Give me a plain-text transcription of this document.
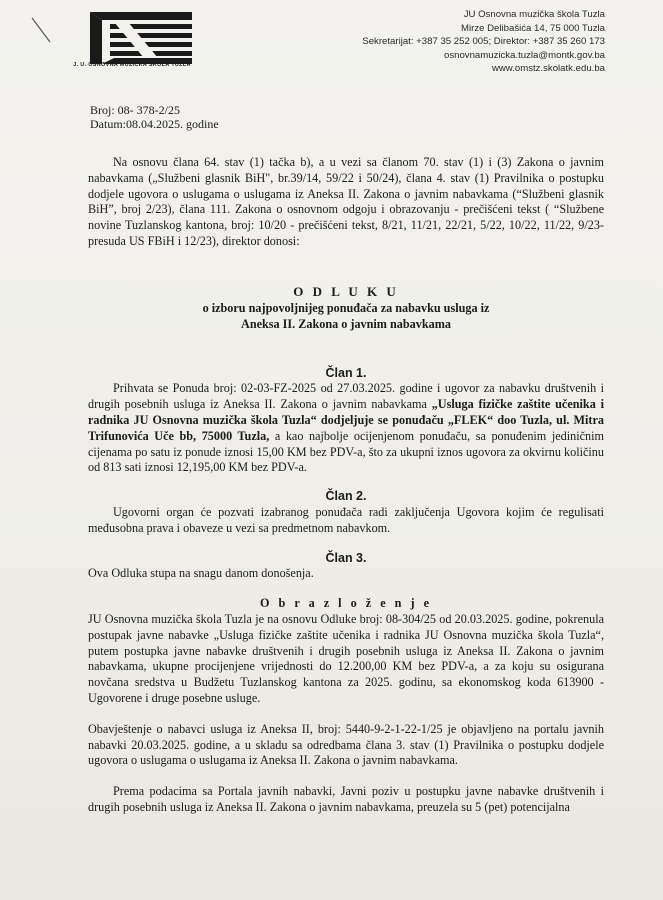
J. U. OSNOVNA MUZIČKA ŠKOLA TUZLA
JU Osnovna muzička škola Tuzla
Mirze Delibašića 14, 75 000 Tuzla
Sekretarijat: +387 35 252 005; Direktor: +387 35 260 173
osnovnamuzicka.tuzla@montk.gov.ba
www.omstz.skolatk.edu.ba
Broj: 08- 378-2/25
Datum:08.04.2025. godine

Na osnovu člana 64. stav (1) tačka b), a u vezi sa članom 70. stav (1) i (3) Zakona o javnim nabavkama („Službeni glasnik BiH", br.39/14, 59/22 i 50/24), člana 4. stav (1) Pravilnika o postupku dodjele ugovora o uslugama o uslugama iz Aneksa II. Zakona o javnim nabavkama (“Službeni glasnik BiH”, broj 2/23), člana 111. Zakona o osnovnom odgoju i obrazovanju - prečišćeni tekst ( “Službene novine Tuzlanskog kantona, broj: 10/20 - prečišćeni tekst, 8/21, 11/21, 22/21, 5/22, 10/22, 11/22, 9/23-presuda US FBiH i 12/23), direktor donosi:

O D L U K U

o izboru najpovoljnijeg ponuđača za nabavku usluga iz

Aneksa II. Zakona o javnim nabavkama

Član 1.

Prihvata se Ponuda broj: 02-03-FZ-2025 od 27.03.2025. godine i ugovor za nabavku društvenih i drugih posebnih usluga iz Aneksa II. Zakona o javnim nabavkama „Usluga fizičke zaštite učenika i radnika JU Osnovna muzička škola Tuzla“ dodjeljuje se ponuđaču „FLEK“ doo Tuzla, ul. Mitra Trifunovića Uče bb, 75000 Tuzla, a kao najbolje ocijenjenom ponuđaču, sa ponuđenim jediničnim cijenama po satu iz ponude iznosi 15,00 KM bez PDV-a, što za ukupni iznos ugovora za okvirnu količinu od 813 sati iznosi 12,195,00 KM bez PDV-a.

Član 2.

Ugovorni organ će pozvati izabranog ponuđača radi zaključenja Ugovora kojim će regulisati međusobna prava i obaveze u vezi sa predmetnom nabavkom.

Član 3.

Ova Odluka stupa na snagu danom donošenja.

O b r a z l o ž e n j e

JU Osnovna muzička škola Tuzla je na osnovu Odluke broj: 08-304/25 od 20.03.2025. godine, pokrenula postupak javne nabavke „Usluga fizičke zaštite učenika i radnika JU Osnovna muzička škola Tuzla“, putem postupka javne nabavke društvenih i drugih posebnih usluga iz Aneksa II. Zakona o javnim nabavkama, ukupne procijenjene vrijednosti do 12.200,00 KM bez PDV-a, a za koju su osigurana novčana sredstva u Budžetu Tuzlanskog kantona za 2025. godinu, sa ekonomskog koda 613900 - Ugovorene i druge posebne usluge.

Obavještenje o nabavci usluga iz Aneksa II, broj: 5440-9-2-1-22-1/25 je objavljeno na portalu javnih nabavki 20.03.2025. godine, a u skladu sa odredbama člana 3. stav (1) Pravilnika o postupku dodjele ugovora o uslugama o uslugama iz Aneksa II. Zakona o javnim nabavkama.

Prema podacima sa Portala javnih nabavki, Javni poziv u postupku javne nabavke društvenih i drugih posebnih usluga iz Aneksa II. Zakona o javnim nabavkama, preuzela su 5 (pet) potencijalna
